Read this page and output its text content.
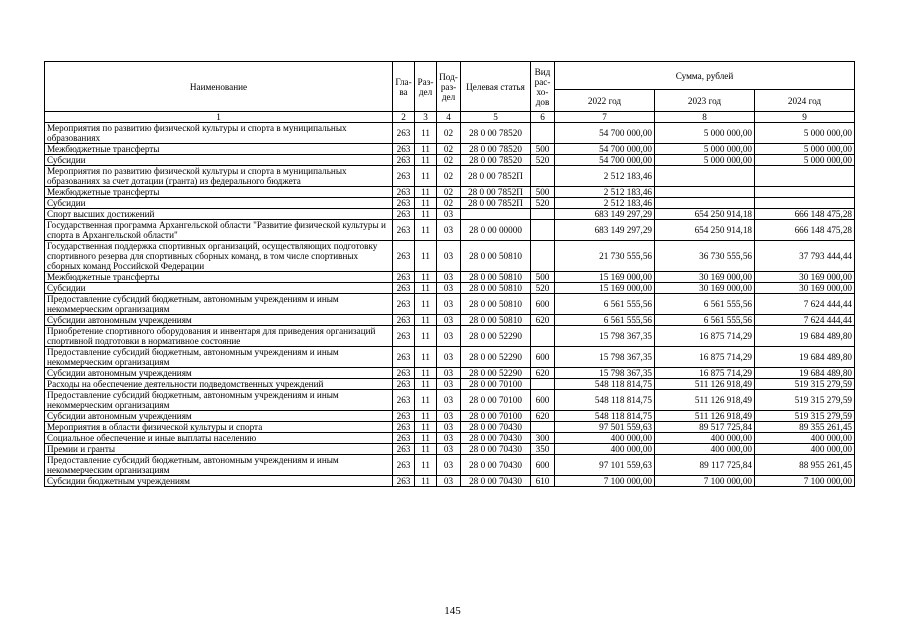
Наименование	Гла-ва	Раз-дел	Под-раз-дел	Целевая статья	Вид рас-хо-дов	Сумма, рублей		
						2022 год	2023 год	2024 год
1	2	3	4	5	6	7	8	9
Мероприятия по развитию физической культуры и спорта в муниципальных образованиях	263	11	02	28 0 00 78520		54 700 000,00	5 000 000,00	5 000 000,00
Межбюджетные трансферты	263	11	02	28 0 00 78520	500	54 700 000,00	5 000 000,00	5 000 000,00
Субсидии	263	11	02	28 0 00 78520	520	54 700 000,00	5 000 000,00	5 000 000,00
Мероприятия по развитию физической культуры и спорта в муниципальных образованиях за счет дотации (гранта) из федерального бюджета	263	11	02	28 0 00 7852П		2 512 183,46		
Межбюджетные трансферты	263	11	02	28 0 00 7852П	500	2 512 183,46		
Субсидии	263	11	02	28 0 00 7852П	520	2 512 183,46		
Спорт высших достижений	263	11	03			683 149 297,29	654 250 914,18	666 148 475,28
Государственная программа Архангельской области "Развитие физической культуры и спорта в Архангельской области"	263	11	03	28 0 00 00000		683 149 297,29	654 250 914,18	666 148 475,28
Государственная поддержка спортивных организаций, осуществляющих подготовку спортивного резерва для спортивных сборных команд, в том числе спортивных сборных команд Российской Федерации	263	11	03	28 0 00 50810		21 730 555,56	36 730 555,56	37 793 444,44
Межбюджетные трансферты	263	11	03	28 0 00 50810	500	15 169 000,00	30 169 000,00	30 169 000,00
Субсидии	263	11	03	28 0 00 50810	520	15 169 000,00	30 169 000,00	30 169 000,00
Предоставление субсидий бюджетным, автономным учреждениям и иным некоммерческим организациям	263	11	03	28 0 00 50810	600	6 561 555,56	6 561 555,56	7 624 444,44
Субсидии автономным учреждениям	263	11	03	28 0 00 50810	620	6 561 555,56	6 561 555,56	7 624 444,44
Приобретение спортивного оборудования и инвентаря для приведения организаций спортивной подготовки в нормативное состояние	263	11	03	28 0 00 52290		15 798 367,35	16 875 714,29	19 684 489,80
Предоставление субсидий бюджетным, автономным учреждениям и иным некоммерческим организациям	263	11	03	28 0 00 52290	600	15 798 367,35	16 875 714,29	19 684 489,80
Субсидии автономным учреждениям	263	11	03	28 0 00 52290	620	15 798 367,35	16 875 714,29	19 684 489,80
Расходы на обеспечение деятельности подведомственных учреждений	263	11	03	28 0 00 70100		548 118 814,75	511 126 918,49	519 315 279,59
Предоставление субсидий бюджетным, автономным учреждениям и иным некоммерческим организациям	263	11	03	28 0 00 70100	600	548 118 814,75	511 126 918,49	519 315 279,59
Субсидии автономным учреждениям	263	11	03	28 0 00 70100	620	548 118 814,75	511 126 918,49	519 315 279,59
Мероприятия в области физической культуры и спорта	263	11	03	28 0 00 70430		97 501 559,63	89 517 725,84	89 355 261,45
Социальное обеспечение и иные выплаты населению	263	11	03	28 0 00 70430	300	400 000,00	400 000,00	400 000,00
Премии и гранты	263	11	03	28 0 00 70430	350	400 000,00	400 000,00	400 000,00
Предоставление субсидий бюджетным, автономным учреждениям и иным некоммерческим организациям	263	11	03	28 0 00 70430	600	97 101 559,63	89 117 725,84	88 955 261,45
Субсидии бюджетным учреждениям	263	11	03	28 0 00 70430	610	7 100 000,00	7 100 000,00	7 100 000,00
145
